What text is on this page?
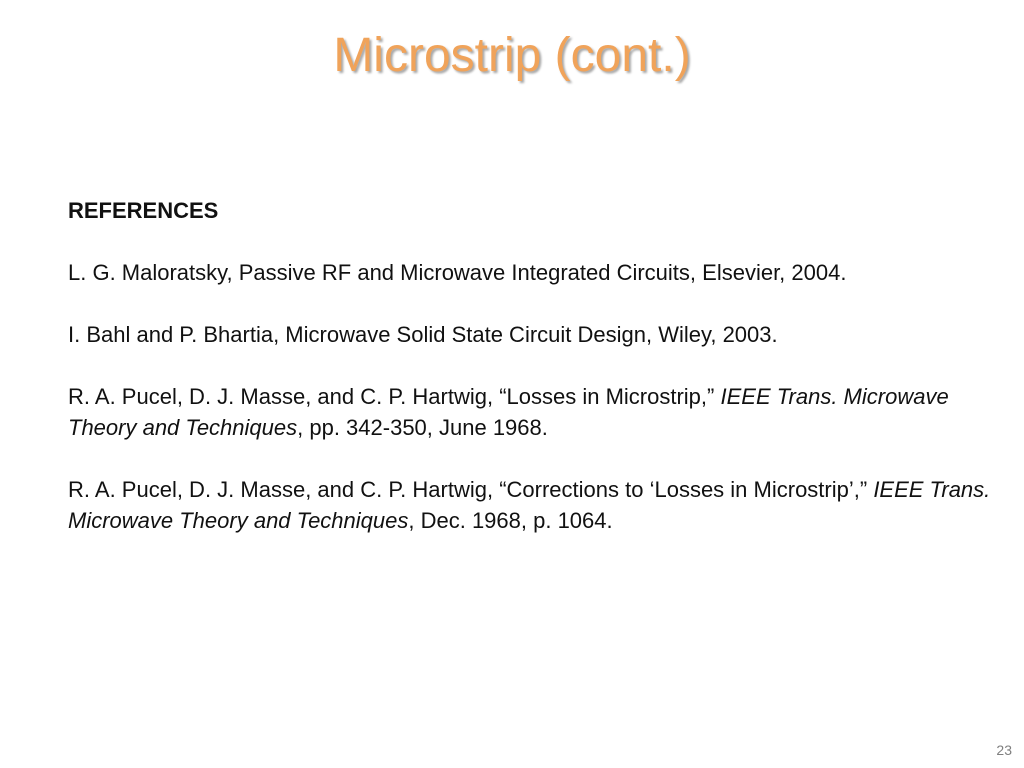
Microstrip (cont.)
REFERENCES
L. G. Maloratsky, Passive RF and Microwave Integrated Circuits, Elsevier, 2004.
I. Bahl and P. Bhartia, Microwave Solid State Circuit Design, Wiley, 2003.
R. A. Pucel, D. J. Masse, and C. P. Hartwig, “Losses in Microstrip,” IEEE Trans. Microwave Theory and Techniques, pp. 342-350, June 1968.
R. A. Pucel, D. J. Masse, and C. P. Hartwig, “Corrections to ‘Losses in Microstrip’,” IEEE Trans. Microwave Theory and Techniques, Dec. 1968, p. 1064.
23
